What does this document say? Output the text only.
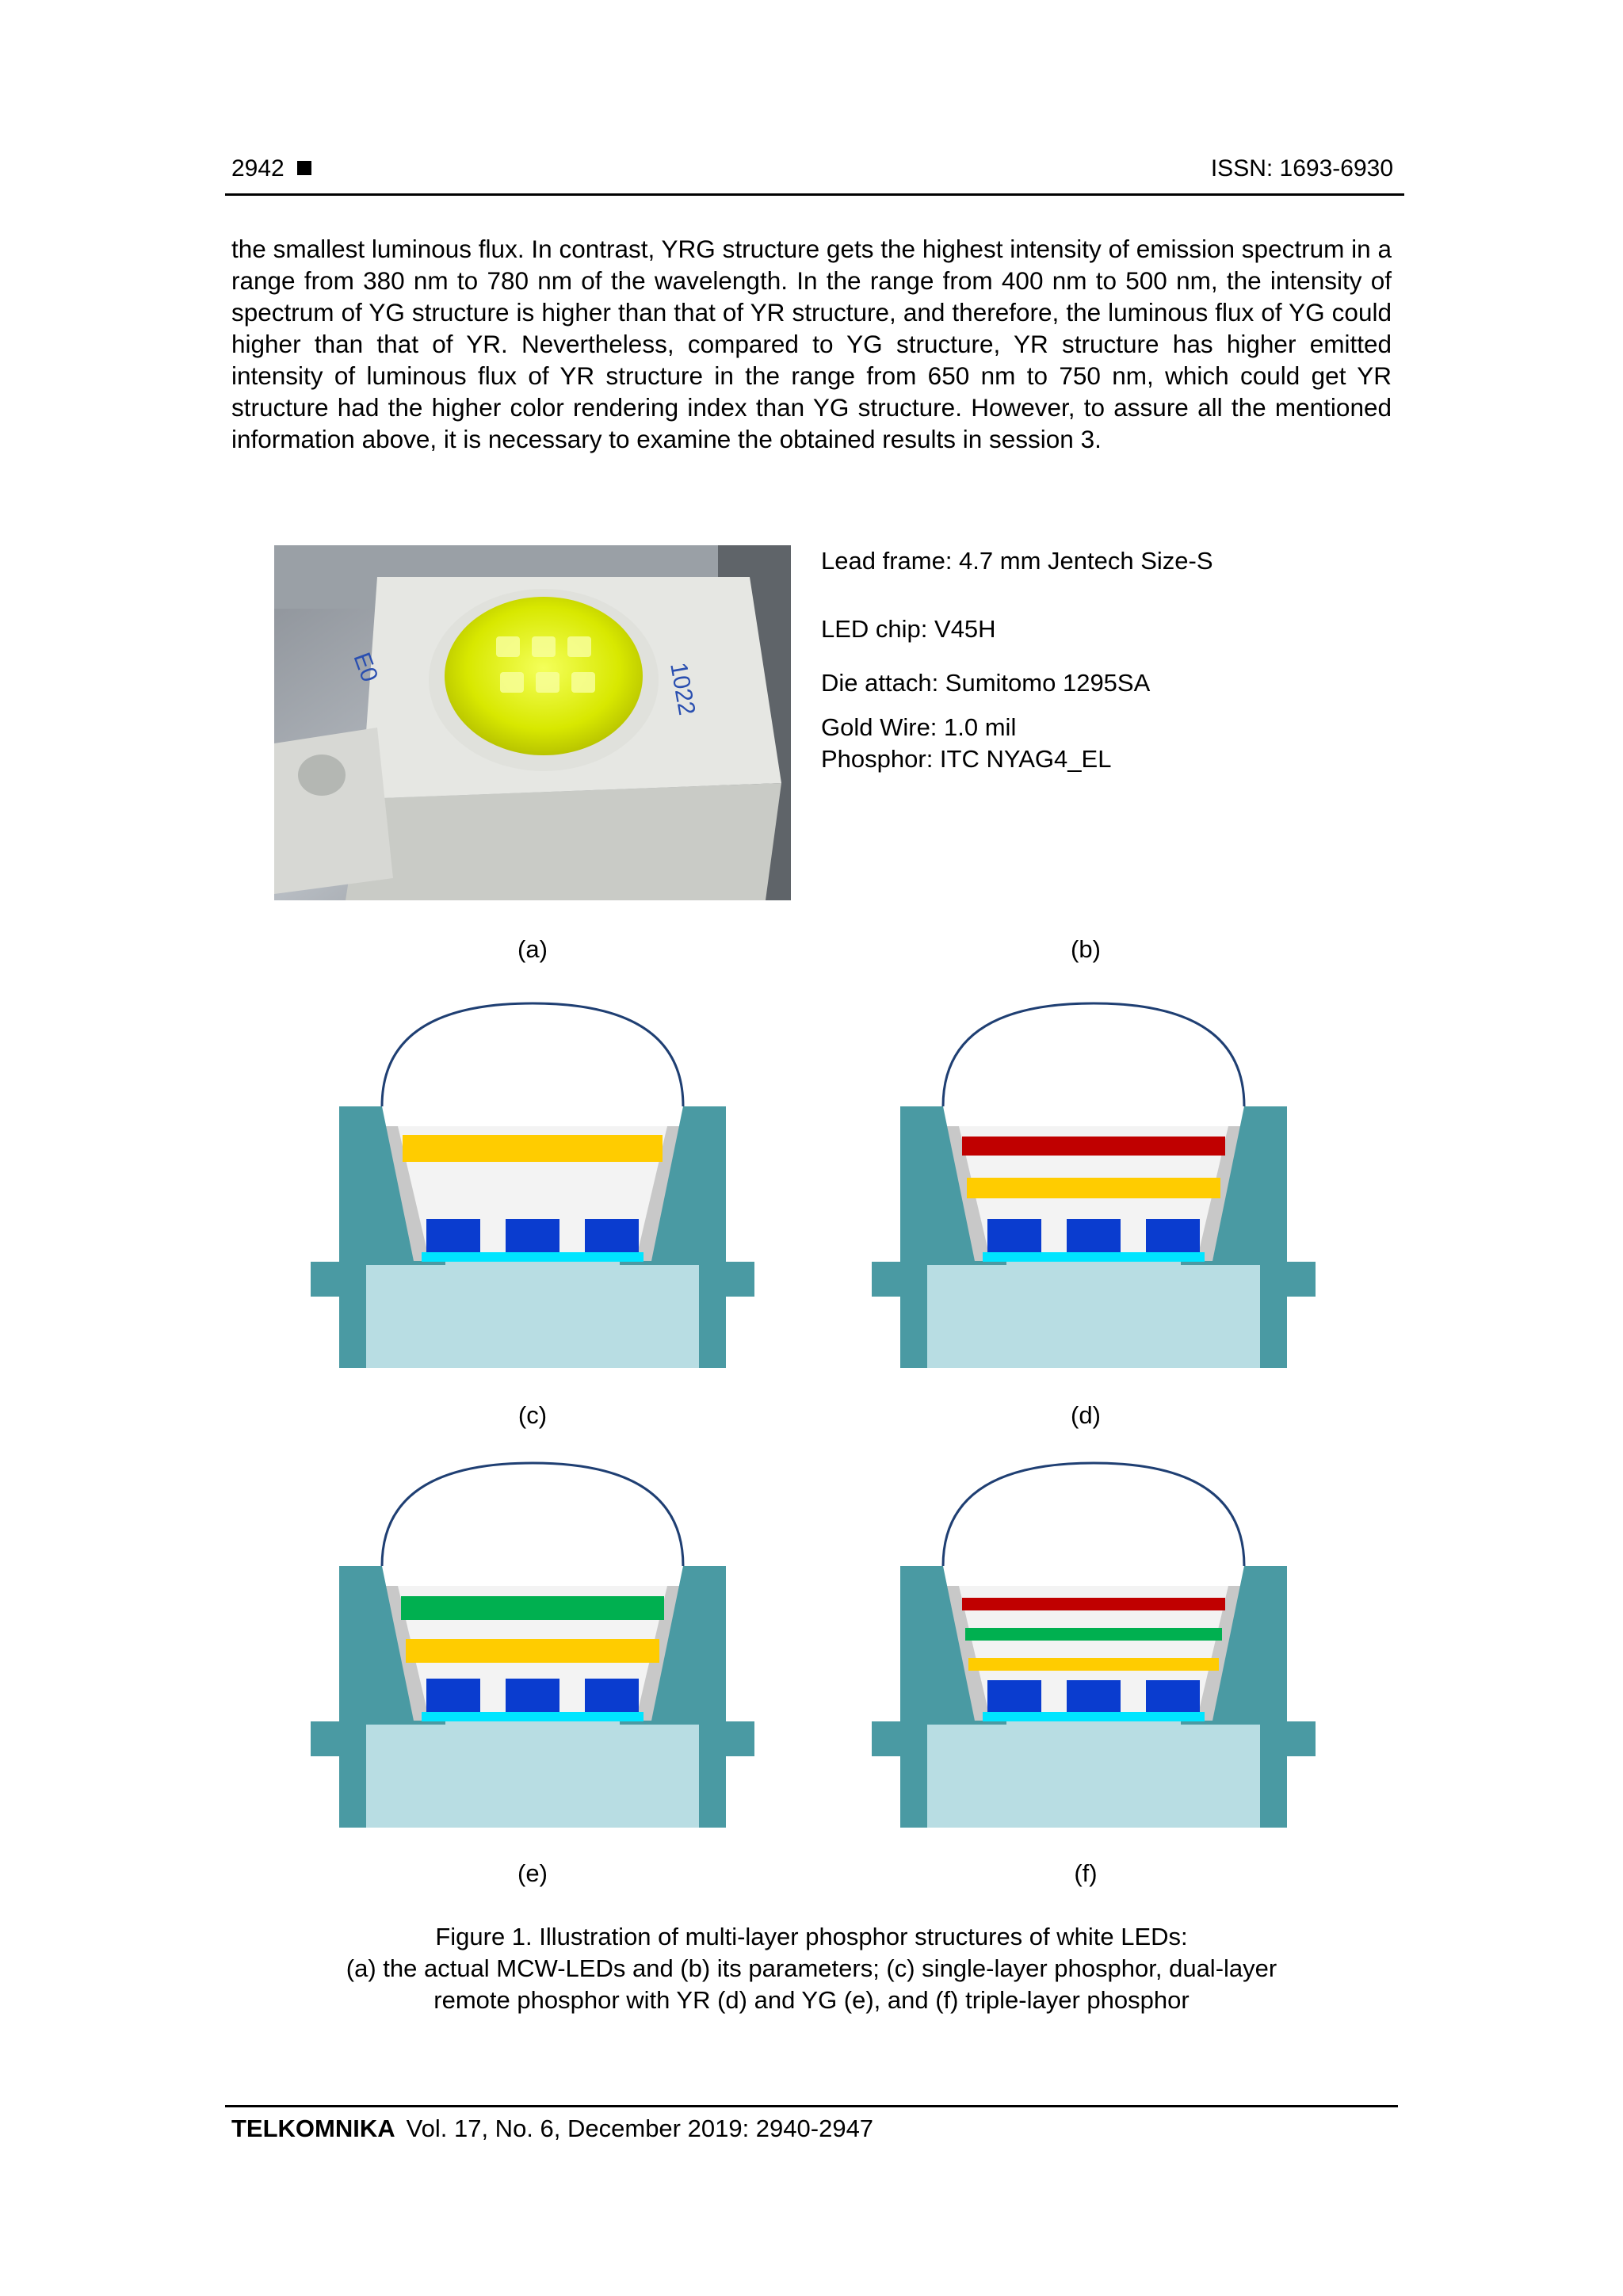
2942	ISSN: 1693-6930
the smallest luminous flux. In contrast, YRG structure gets the highest intensity of emission spectrum in a range from 380 nm to 780 nm of the wavelength. In the range from 400 nm to 500 nm, the intensity of spectrum of YG structure is higher than that of YR structure, and therefore, the luminous flux of YG could higher than that of YR. Nevertheless, compared to YG structure, YR structure has higher emitted intensity of luminous flux of YR structure in the range from 650 nm to 750 nm, which could get YR structure had the higher color rendering index than YG structure. However, to assure all the mentioned information above, it is necessary to examine the obtained results in session 3.
E0	1022
Lead frame: 4.7 mm Jentech Size-S
LED chip: V45H
Die attach: Sumitomo 1295SA
Gold Wire: 1.0 mil
Phosphor: ITC NYAG4_EL
(a)	(b)
(c)	(d)
(e)	(f)
Figure 1. Illustration of multi-layer phosphor structures of white LEDs:
(a) the actual MCW-LEDs and (b) its parameters; (c) single-layer phosphor, dual-layer
remote phosphor with YR (d) and YG (e), and (f) triple-layer phosphor
TELKOMNIKA Vol. 17, No. 6, December 2019: 2940-2947
